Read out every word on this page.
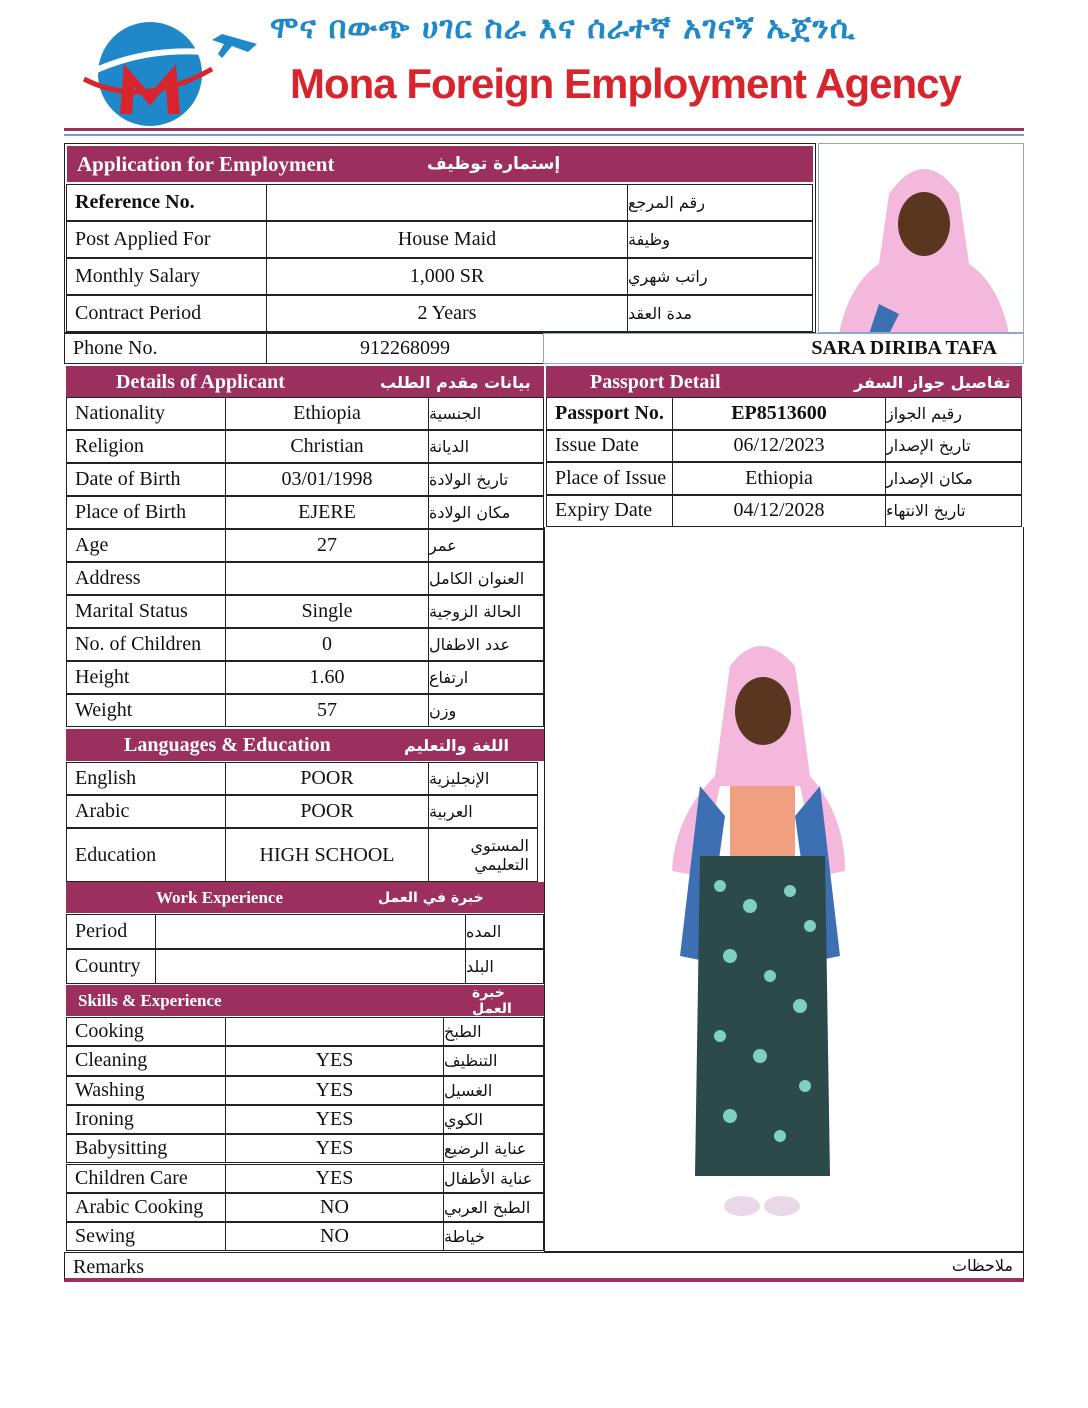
ሞና በውጭ ሀገር ስራ እና ሰራተኛ አገናኝ ኤጀንሲ
Mona Foreign Employment Agency
Application for Employment	إستمارة توظيف
Reference No.	رقم المرجع
Post Applied For	House Maid	وظيفة
Monthly Salary	1,000 SR	راتب شهري
Contract Period	2 Years	مدة العقد
Phone No.	912268099	SARA DIRIBA TAFA
Details of Applicant	بيانات مقدم الطلب	Passport Detail	تفاصيل جواز السفر
Nationality	Ethiopia	الجنسية
Religion	Christian	الديانة
Date of Birth	03/01/1998	تاريخ الولادة
Place of Birth	EJERE	مكان الولادة
Age	27	عمر
Address	العنوان الكامل
Marital Status	Single	الحالة الزوجية
No. of Children	0	عدد الاطفال
Height	1.60	ارتفاع
Weight	57	وزن
Passport No.	EP8513600	رقيم الجواز
Issue Date	06/12/2023	تاريخ الإصدار
Place of Issue	Ethiopia	مكان الإصدار
Expiry Date	04/12/2028	تاريخ الانتهاء
Languages & Education	اللغة والتعليم
English	POOR	الإنجليزية
Arabic	POOR	العربية
Education	HIGH SCHOOL	المستوي التعليمي
Work Experience	خبرة في العمل
Period	المده
Country	البلد
Skills & Experience	خبرة العمل
Cooking	الطبخ
Cleaning	YES	التنظيف
Washing	YES	الغسيل
Ironing	YES	الكوي
Babysitting	YES	عناية الرضيع
Children Care	YES	عناية الأطفال
Arabic Cooking	NO	الطبخ العربي
Sewing	NO	خياطة
Remarks	ملاحظات
